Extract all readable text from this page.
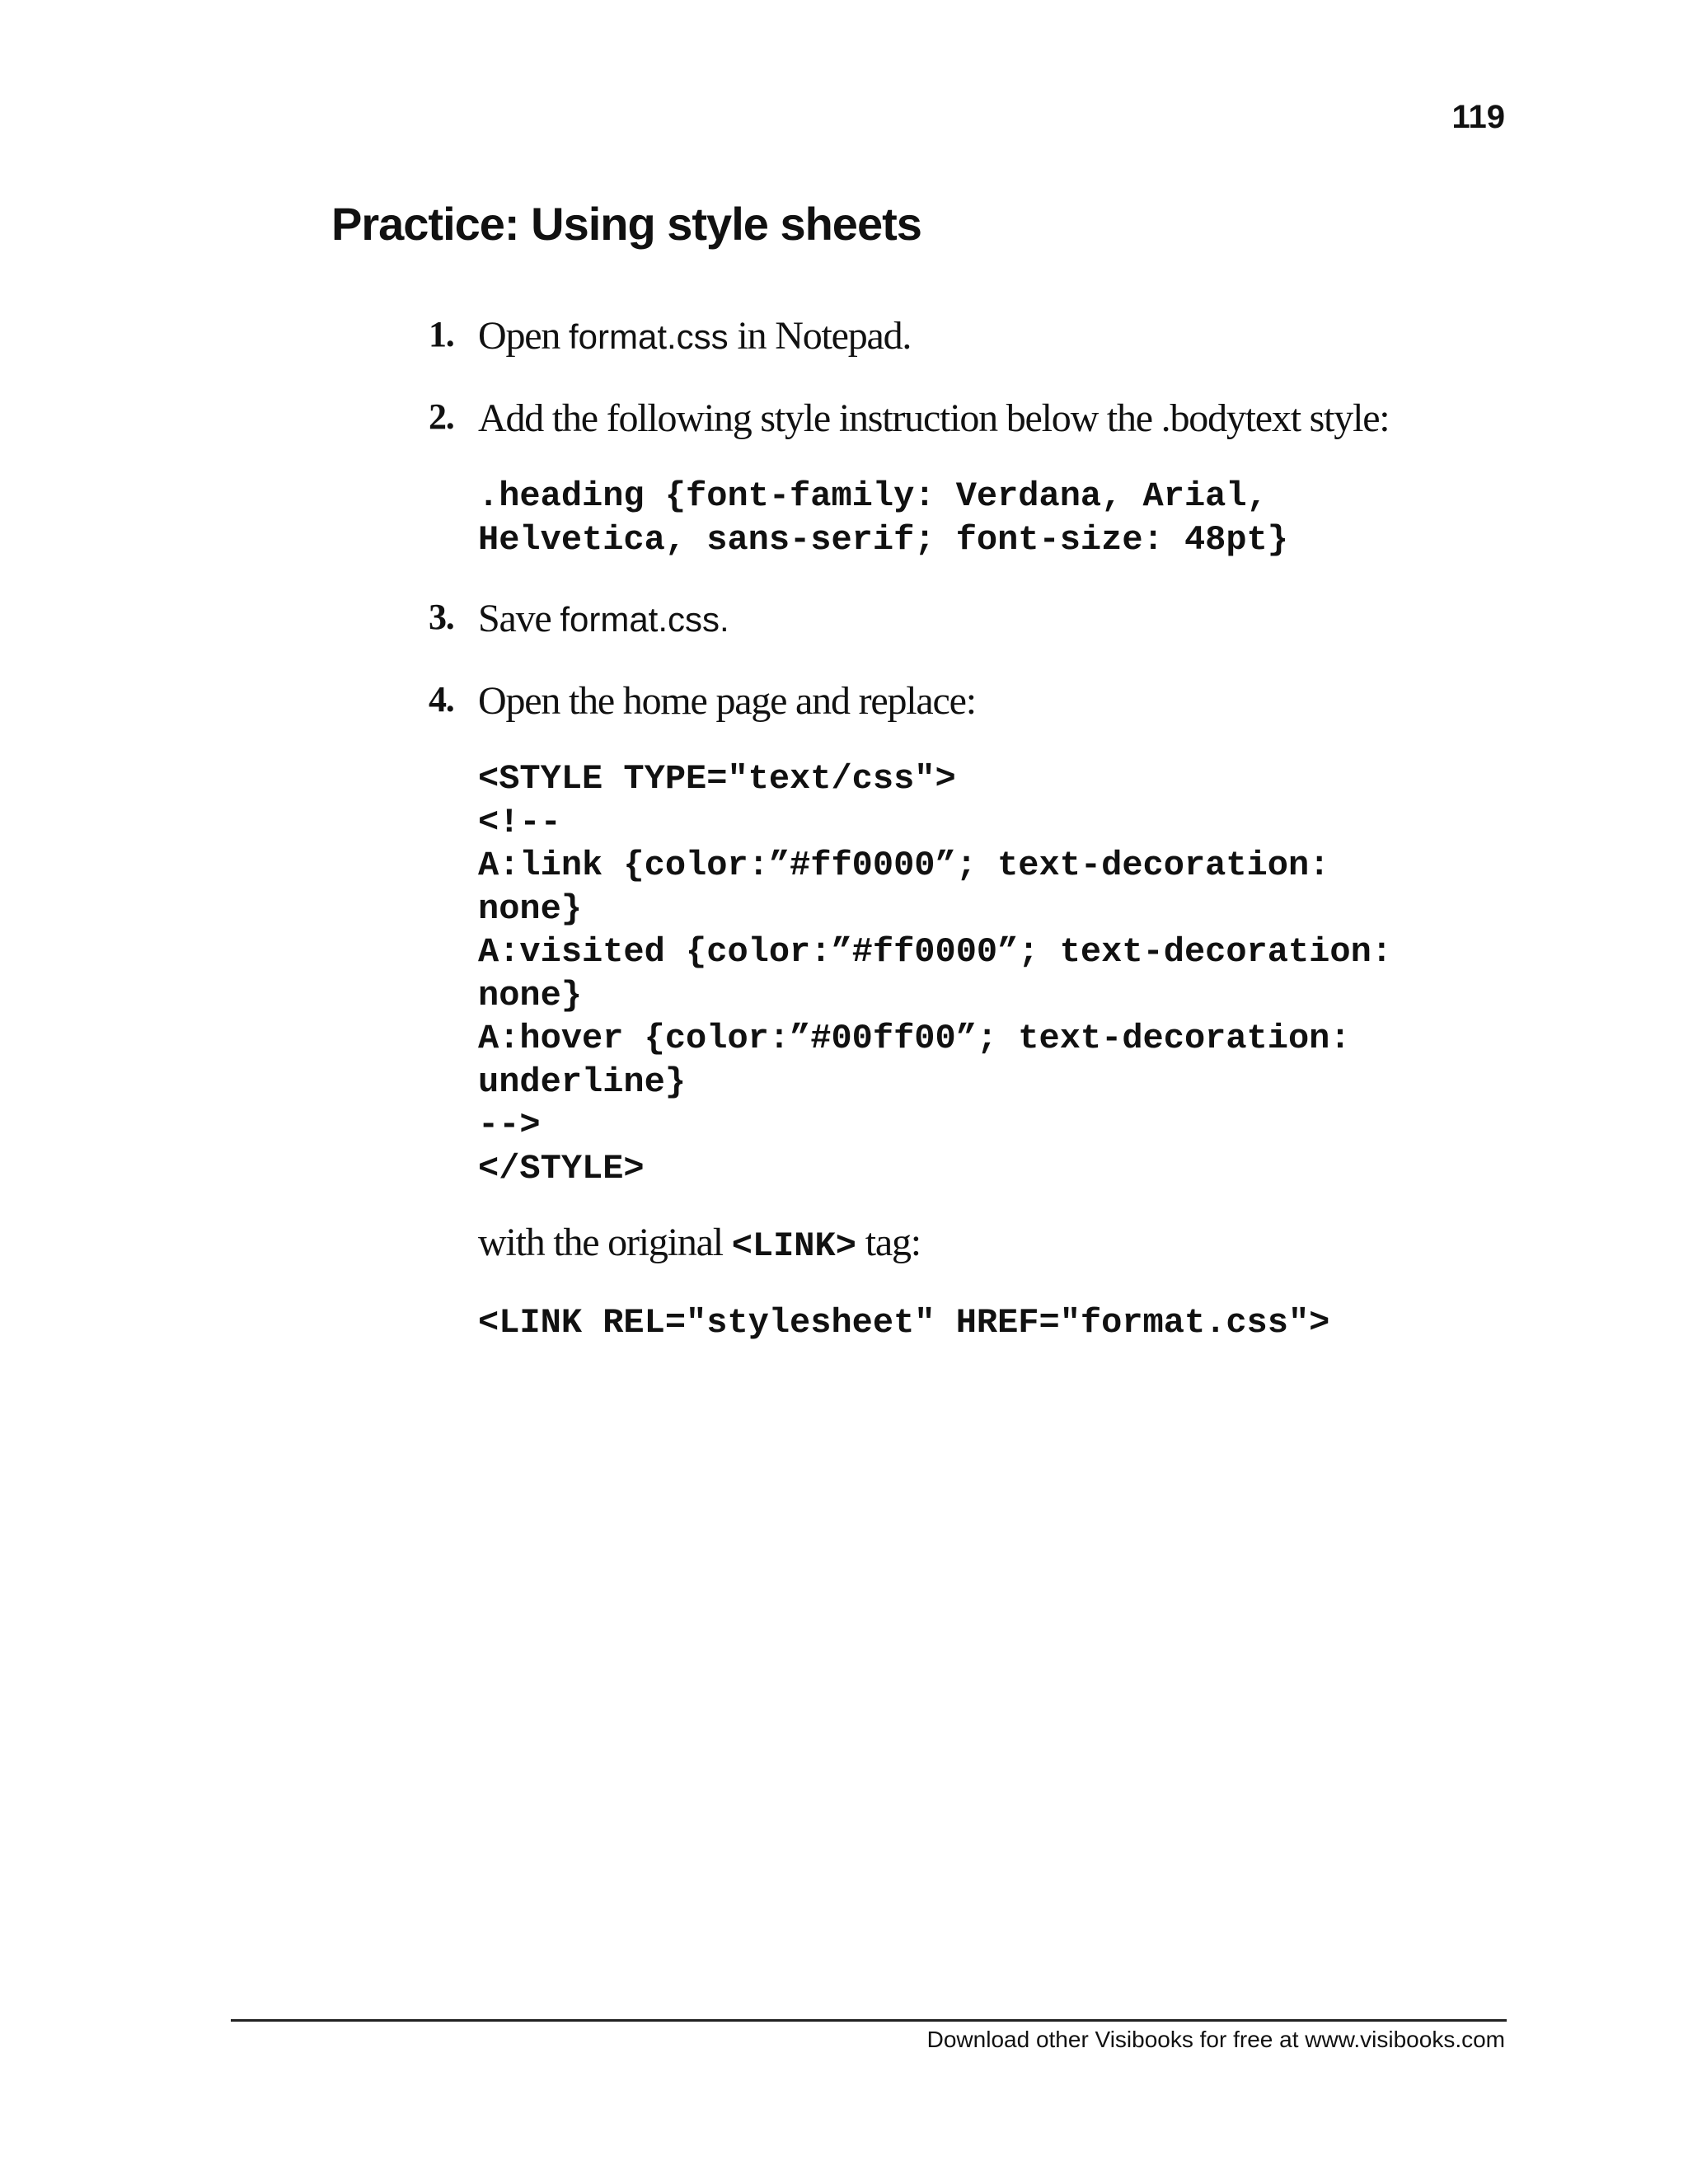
119
Practice: Using style sheets
1. Open format.css in Notepad.
2. Add the following style instruction below the .bodytext style:
.heading {font-family: Verdana, Arial,
Helvetica, sans-serif; font-size: 48pt}
3. Save format.css.
4. Open the home page and replace:
<STYLE TYPE="text/css">
<!--
A:link {color:”#ff0000”; text-decoration:
none}
A:visited {color:”#ff0000”; text-decoration:
none}
A:hover {color:”#00ff00”; text-decoration:
underline}
-->
</STYLE>
with the original <LINK> tag:
<LINK REL="stylesheet" HREF="format.css">
Download other Visibooks for free at www.visibooks.com
